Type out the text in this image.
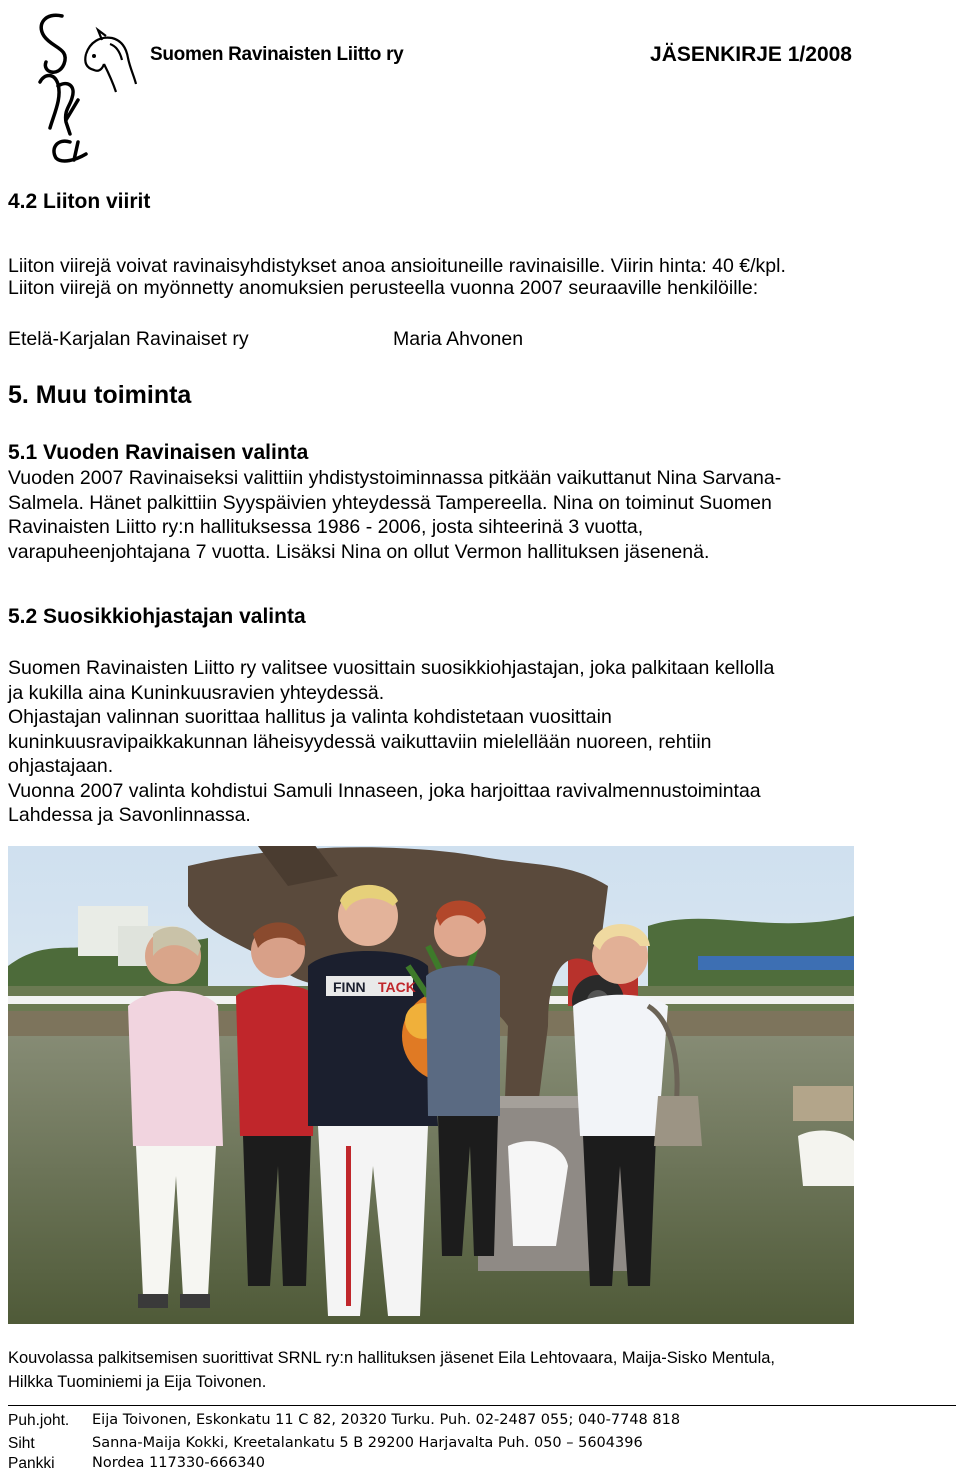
Suomen Ravinaisten Liitto ry	JÄSENKIRJE 1/2008
4.2 Liiton viirit
Liiton viirejä voivat ravinaisyhdistykset anoa ansioituneille ravinaisille. Viirin hinta: 40 €/kpl.
Liiton viirejä on myönnetty anomuksien perusteella vuonna 2007 seuraaville henkilöille:
Etelä-Karjalan Ravinaiset ry	Maria Ahvonen
5. Muu toiminta
5.1 Vuoden Ravinaisen valinta
Vuoden 2007 Ravinaiseksi valittiin yhdistystoiminnassa pitkään vaikuttanut Nina Sarvana-
Salmela. Hänet palkittiin Syyspäivien yhteydessä Tampereella. Nina on toiminut Suomen
Ravinaisten Liitto ry:n hallituksessa 1986 - 2006, josta sihteerinä 3 vuotta,
varapuheenjohtajana 7 vuotta. Lisäksi Nina on ollut Vermon hallituksen jäsenenä.
5.2 Suosikkiohjastajan valinta
Suomen Ravinaisten Liitto ry valitsee vuosittain suosikkiohjastajan, joka palkitaan kellolla
ja kukilla aina Kuninkuusravien yhteydessä.
Ohjastajan valinnan suorittaa hallitus ja valinta kohdistetaan vuosittain
kuninkuusravipaikkakunnan läheisyydessä vaikuttaviin mielellään nuoreen, rehtiin
ohjastajaan.
Vuonna 2007 valinta kohdistui Samuli Innaseen, joka harjoittaa ravivalmennustoimintaa
Lahdessa ja Savonlinnassa.
FINN TACK
Kouvolassa palkitsemisen suorittivat SRNL ry:n hallituksen jäsenet Eila Lehtovaara, Maija-Sisko Mentula,
Hilkka Tuominiemi ja Eija Toivonen.
Puh.joht. Eija Toivonen, Eskonkatu 11 C 82, 20320 Turku. Puh. 02-2487 055; 040-7748 818
Siht	Sanna-Maija Kokki, Kreetalankatu 5 B 29200 Harjavalta Puh. 050 – 5604396
Pankki	Nordea 117330-666340
